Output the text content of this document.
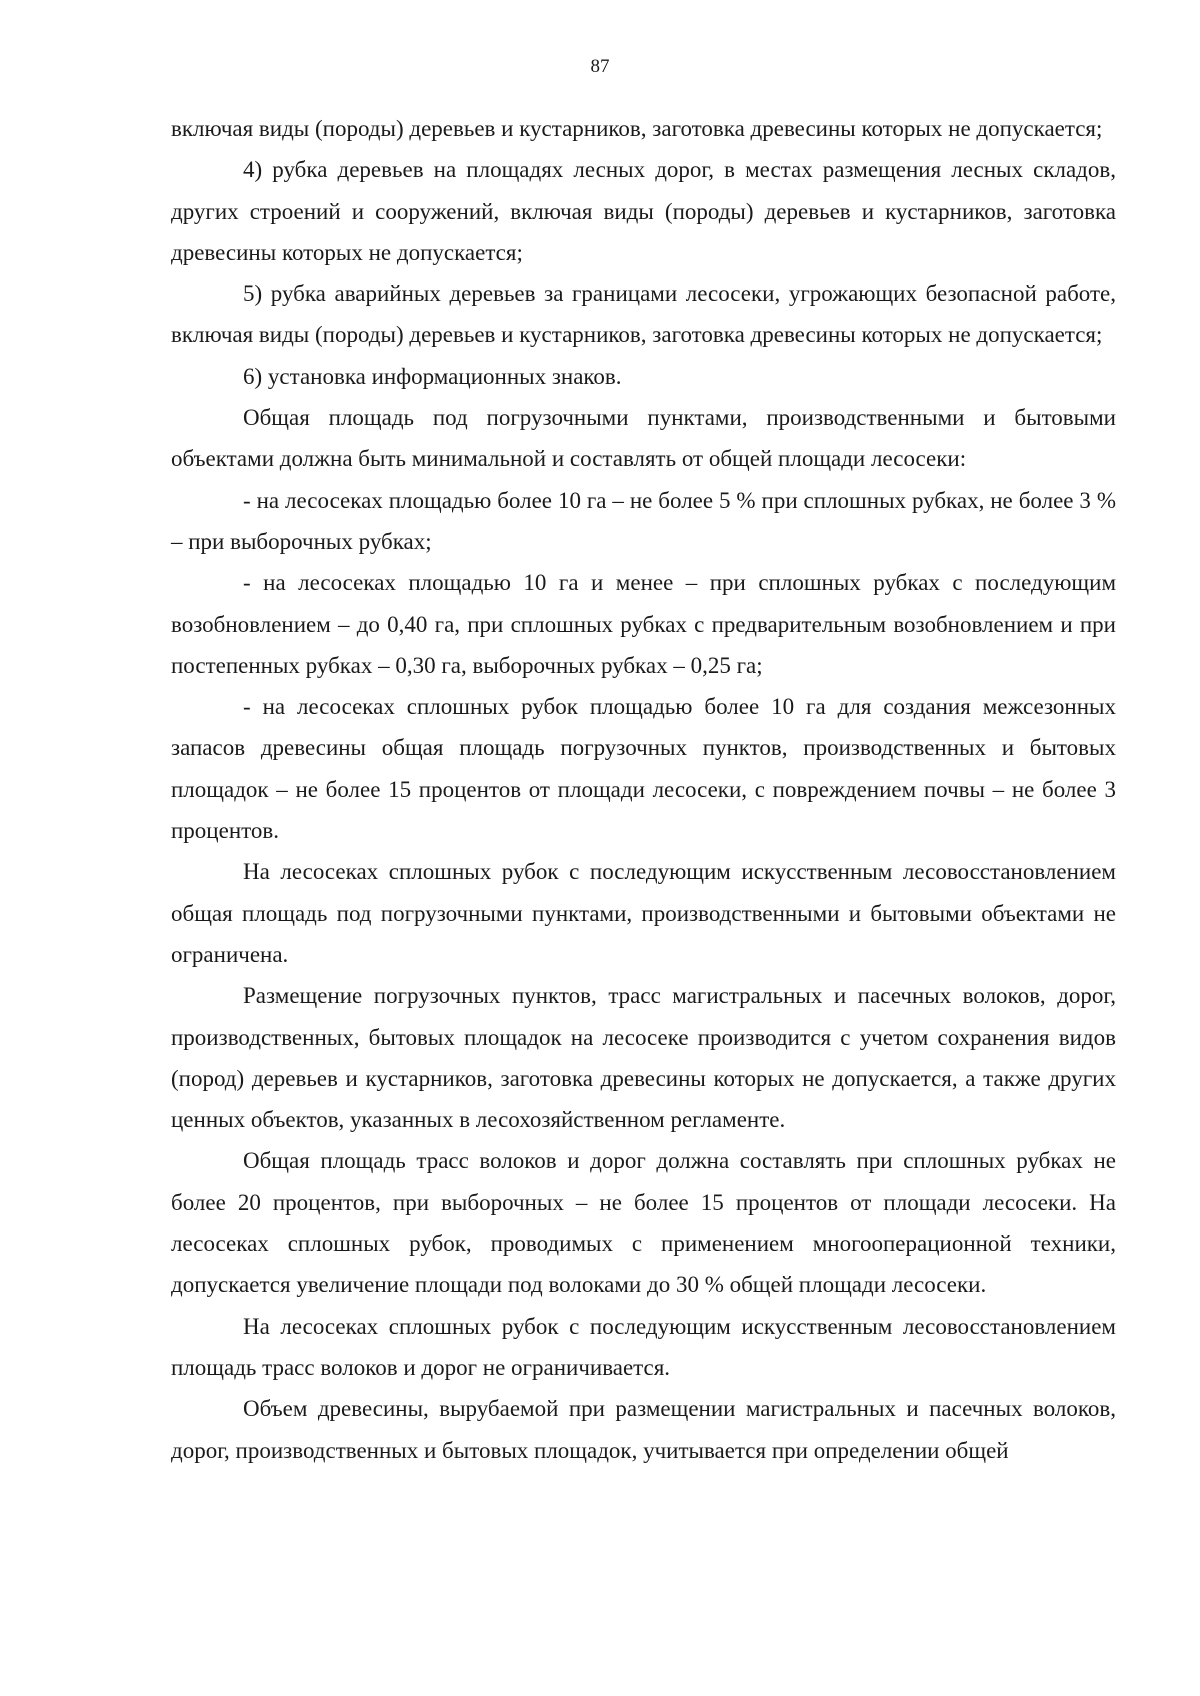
87

включая виды (породы) деревьев и кустарников, заготовка древесины которых не допускается;

4) рубка деревьев на площадях лесных дорог, в местах размещения лесных складов, других строений и сооружений, включая виды (породы) деревьев и кустарников, заготовка древесины которых не допускается;

5) рубка аварийных деревьев за границами лесосеки, угрожающих безопасной работе, включая виды (породы) деревьев и кустарников, заготовка древесины которых не допускается;

6) установка информационных знаков.

Общая площадь под погрузочными пунктами, производственными и бытовыми объектами должна быть минимальной и составлять от общей площади лесосеки:

- на лесосеках площадью более 10 га – не более 5 % при сплошных рубках, не более 3 % – при выборочных рубках;

- на лесосеках площадью 10 га и менее – при сплошных рубках с последующим возобновлением – до 0,40 га, при сплошных рубках с предварительным возобновлением и при постепенных рубках – 0,30 га, выборочных рубках – 0,25 га;

- на лесосеках сплошных рубок площадью более 10 га для создания межсезонных запасов древесины общая площадь погрузочных пунктов, производственных и бытовых площадок – не более 15 процентов от площади лесосеки, с повреждением почвы – не более 3 процентов.

На лесосеках сплошных рубок с последующим искусственным лесовосстановлением общая площадь под погрузочными пунктами, производственными и бытовыми объектами не ограничена.

Размещение погрузочных пунктов, трасс магистральных и пасечных волоков, дорог, производственных, бытовых площадок на лесосеке производится с учетом сохранения видов (пород) деревьев и кустарников, заготовка древесины которых не допускается, а также других ценных объектов, указанных в лесохозяйственном регламенте.

Общая площадь трасс волоков и дорог должна составлять при сплошных рубках не более 20 процентов, при выборочных – не более 15 процентов от площади лесосеки. На лесосеках сплошных рубок, проводимых с применением многооперационной техники, допускается увеличение площади под волоками до 30 % общей площади лесосеки.

На лесосеках сплошных рубок с последующим искусственным лесовосстановлением площадь трасс волоков и дорог не ограничивается.

Объем древесины, вырубаемой при размещении магистральных и пасечных волоков, дорог, производственных и бытовых площадок, учитывается при определении общей
